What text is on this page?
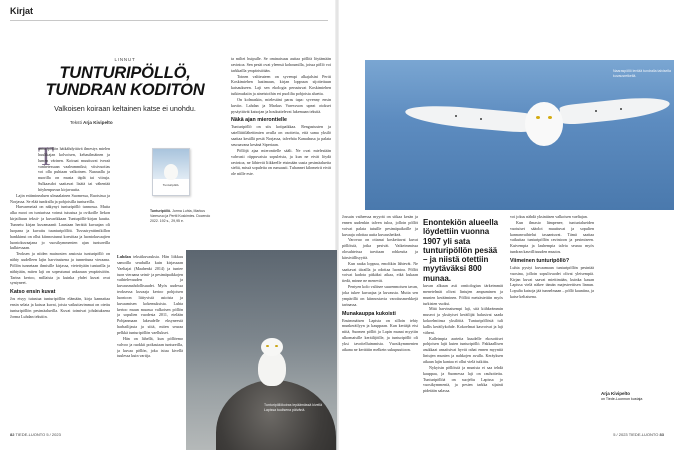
Kirjat
LINNUT
TUNTURIPÖLLÖ,
TUNDRAN KODITON
Valkoisen koiraan keltainen katse ei unohdu.
Teksti Arja Kivipelto
T

unturipöllön hätkähdyttävä ilmestys mielen huulikajan kolvoisen, kehasilmäinen ja lumen värinen. Koiraat muuttuvat iveraä vanhetessaan vaaleammiksi; viisivuotias voi olla puhtaan valkoinen. Naaraalla ja nuorilla on musta täplä tai viiruja. Sulkaasdot saattavat lisätä tai vähentää höyhenpuvun kirjavuutta.

Lajin eräiminealuen ulmaalainen Suomessa, Ruotsissa ja Norjassa. Se elää tundralla ja pohjoisilla tuntureilla.

Harvarmeiaä on näkynyt tunturipöllö tunnossa. Mutta alka mooi on tunturissa voinut tutustua ja ovikoille liekon kirjailtuun teksti- ja kuvarikkaan Tuntupöllö-kirjan kautta. Tunnetu kirjan kuvamaanit Laustaan herättä kuvaajan oli luopana ja kuvattu tuunturipöllöä. Tuvustrynttimikillon hankkinut on ollut kiinnostunut koesittaa ja luontokuvaajien luontokuvaajana jo vuosikymmenien ajan tuntureilla kulkiessaan.

Teoksen ja niiden mainosten ansiosta tunturipöllö on nähty uudelleen lajin harvinaisena ja tunnettuna vieraana. Pöllön tunnetaan ihmisille kirjassa, vietettyään tunturilla ja nähtyään, miten laji on sopeutunut ankaraan ympäristöön. Tarina kertoo, millaista ja kuinka yhdet kuvat ovat syntyneet.

Katso ensin kuvat

Jos etsyy tutustua tunturipöllön elämään, kirja kannattaa ensin selata ja katsoa kuvat, joista vaikuttavimmat on otettu tunturipöllön pesimäalueilla. Kuvat toimivat johdatuksena Jorma Luhdan tekstiin.

Tunturipöllö.
Tunturipöllö. Jorma Luhta, Markus Varesvuo ja Pertti Koskimies. Docendo 2022. 192 s., 29,95 e.

Luhdan tekstikuvauksia. Hän liikkuu samoilla seuduilla kuin kirjassaan Vaeltajat (Maahenki 2014) ja tuntee tuon vieraana seinä- ja pesimäpaikkojen vaihtelevuuden ja kuvausmahdollisuudet. Myös uudessa teoksessa kuvaaja kertoo pohjoisen luontoon liittyvistä asioista ja kuvaamisen kokemuksista. Luhta kertoo muun muassa valkoisen pöllön ja sopulien vuodesta 2011, etelään Pohjanmaan lakeudelle eksyneestä harhailijasta ja siitä, miten seuraa pelkkä tunturipöllön vaellukset.

Hän on lähellä, kun pöllöemo valvoo ja ruokkii poikasiaan tuntureilla, ja kuvaa pöllön, joka istuu kivellä tuulessa kuin vartija.

ta miltei huipulle. Se ominaisuus auttaa pöllöä löytämään ravintoa. Sen pesät ovat yleensä kohoumilla, joissa pöllö voi tarkkailla ympäristöään.

Toinen valtteuteen on syvempi alkajalsini Pertti Koskimiehen laatimaan, kirjan loppuun sijoitettuun katsaukseen. Laji sen ekologia perustuvat Koskimiehen tutkimuksiin ja aineistoihin eri puolilta pohjoista aluetta.

On kolmaskin, mielestäni paras tapa: syvenny ensin kuviin. Lahdan ja Markus Varesvuon upeat otokset pysäyttävät katsojan ja houkuttelevat lukemaan tekstiä.

Näkä ajan mierontielle

Tunturipöllö on siis kotipaikkaa. Rengastusten ja satelliittilähettimien avulla on osoitettu, että sama yksilö saattaa kesällä pesiä Norjassa, talvehtia Kanadassa ja palata seuraavana kesänä Siperiaan.

Pöllöjä ajaa mierontielle sääli. Ne ovat mielestään vahvasti riippuvaisia sopuleista, ja kun ne eivät löydä ravintoa, ne lähtevät liikkeelle etsimään uusia pesimäalueita sieltä, missä sopuleita on runsaasti. Tuhannet kilometrit eivät ole niille este.

Tunturipöllökoiras lepäämässä kivellä Lapissa tuulisena päivänä.
Naaraspöllö lentää tundralla talvisella kuvausretkellä.

Jossain vaiheessa myyrät on sitkaa kesän ja ennen uudenkin talven tuloa, jolloin pöllöt voivat palata tutuille pesimäpaikoille ja kuvaaja odottaa uutta kuvaushetkeä.

Varovuo on ottanut koskettavat kuvat pöllöistä, jotka pesivät. Vaikeimmissa olosuhteissa tarvitaan rohkeutta ja kärsivällisyyttä.

Kun raaka loppuu, emoltkin lähtevät. Ne saattavat tiirailla ja odottaa luontoa. Pöllöt voivat kadota pitkäksi aikaa, eikä kukaan tiedä, minne ne menevät.

Pentyen kolo valitsee suurenmoisen tavan, joka tukee kuvaajaa ja kuvausta. Mutta sen ympärillä on kiinnostavia varoitusmerkkejä tarinassa.

Munakauppa kukoisti

Ensimmäisen Lapista on silloin tehty munkeräilyyn ja kauppaan. Kun kerääjä etsi niitä, Suomen pöllöt ja Lapin munat myytiin ulkomaisille keräilijöille, ja tunturipöllö oli yksi tavoitelluimmista. Vuosikymmenien aikana ne kerättiin melkein sukupuuttoon.

Enontekiön alueella löydettiin vuonna 1907 yli sata tunturipöllön pesää – ja niistä otettiin myytäväksi 800 munaa.

kuvan alkuun asti ornitologian tärkeimmät menetelmät olivat lintujen ampuminen ja munien kerääminen. Pöllöä metsästettiin myös turkisten vuoksi.

Mitä harvinaisempi laji, sitä kiihkeämmin museot ja yksityiset keräilijät halusivat saada kokoelmiinsa yksilöitä. Tunturipöllöstä tuli kallis keräilykohde. Kokoelmat kasvoivat ja laji väheni.

Kalleimpia aarteita kuudelle ekosottiset pohjoisen lajit kuten tunturipöllö. Pakkaallisen asukkaat ansaitsivat hyvät rahat ennen myyntiä lintujen munien ja nahkojen avulla. Keräyksen aikaan lajin kantaa ei ollut vielä tutkittu.

Nykyisin pöllöistä ja munista ei saa tehdä kauppaa, ja Suomessa laji on rauhoitettu. Tunturipöllöä on suojeltu Lapissa jo vuosikymmeniä, ja pesien tarkka sijainti pidetään salassa.

voi jokus nähdä yksinäisen valkoisen vaeltajan.

Kun ilmasto lämpenee, tunturialueiden vuotuiset sääolot muuttuvat ja sopulien kannanvaihtelut tasaantuvat. Tämä saattaa vaikuttaa tunturipöllön ravintoon ja pesimiseen. Kuivempia ja lauhempia talvia seuraa myös tundran kasvillisuuden muutos.

Viimeinen tunturipöllö?

Luhta pystyi kuvaamaan tunturipöllön pesintää vuosina, jolloin sopulivuodet olivat yleisempiä. Kirjan kuvat saavat miettimään, kuinka kauan Lapissa vielä näkee tämän majesteettisen linnun. Lopulta katsoja jää tunnelmaan – pöllö kauniina, ja katse keltaisena.

Arja Kivipelto
on Tiede-Luonnon kustaja
82 TIEDE-LUONTO 5 / 2023	5 / 2023 TIEDE-LUONTO 83
